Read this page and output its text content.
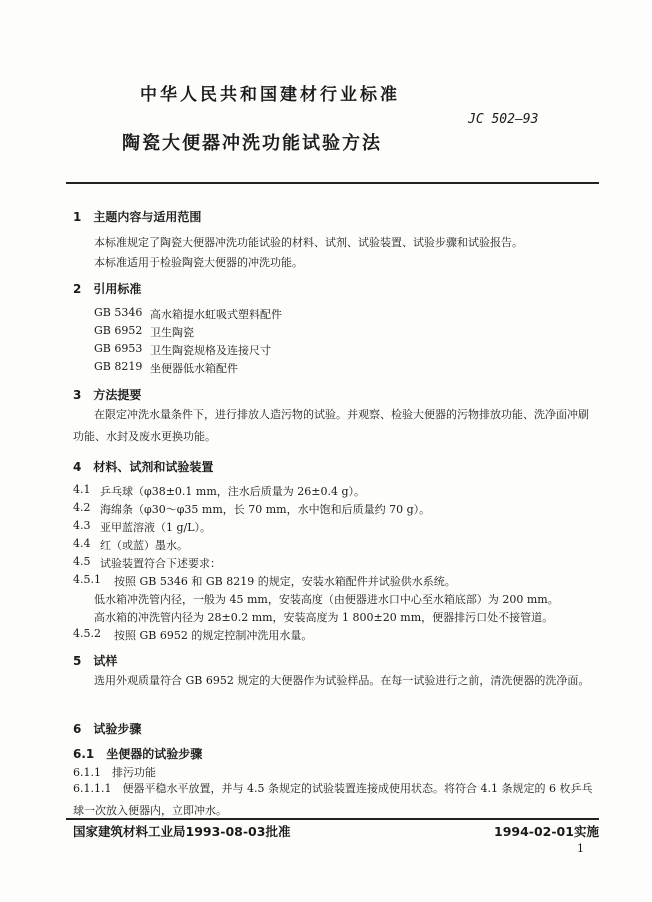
中华人民共和国建材行业标准
JC 502—93
陶瓷大便器冲洗功能试验方法
1　主题内容与适用范围
本标准规定了陶瓷大便器冲洗功能试验的材料、试剂、试验装置、试验步骤和试验报告。
本标准适用于检验陶瓷大便器的冲洗功能。
2　引用标准
GB 5346 高水箱提水虹吸式塑料配件
GB 6952 卫生陶瓷
GB 6953 卫生陶瓷规格及连接尺寸
GB 8219 坐便器低水箱配件
3　方法提要
在限定冲洗水量条件下，进行排放人造污物的试验。并观察、检验大便器的污物排放功能、洗净面冲刷功能、水封及废水更换功能。
4　材料、试剂和试验装置
4.1 乒乓球（φ38±0.1 mm，注水后质量为 26±0.4 g）。
4.2 海绵条（φ30～φ35 mm，长 70 mm，水中饱和后质量约 70 g）。
4.3 亚甲蓝溶液（1 g/L）。
4.4 红（或蓝）墨水。
4.5 试验装置符合下述要求：
4.5.1 按照 GB 5346 和 GB 8219 的规定，安装水箱配件并试验供水系统。
低水箱冲洗管内径，一般为 45 mm，安装高度（由便器进水口中心至水箱底部）为 200 mm。
高水箱的冲洗管内径为 28±0.2 mm，安装高度为 1 800±20 mm，便器排污口处不接管道。
4.5.2 按照 GB 6952 的规定控制冲洗用水量。
5　试样
选用外观质量符合 GB 6952 规定的大便器作为试验样品。在每一试验进行之前，清洗便器的洗净面。
6　试验步骤
6.1　坐便器的试验步骤
6.1.1　排污功能
6.1.1.1　便器平稳水平放置，并与 4.5 条规定的试验装置连接成使用状态。将符合 4.1 条规定的 6 枚乒乓球一次放入便器内，立即冲水。
国家建筑材料工业局1993-08-03批准	1994-02-01实施
1
